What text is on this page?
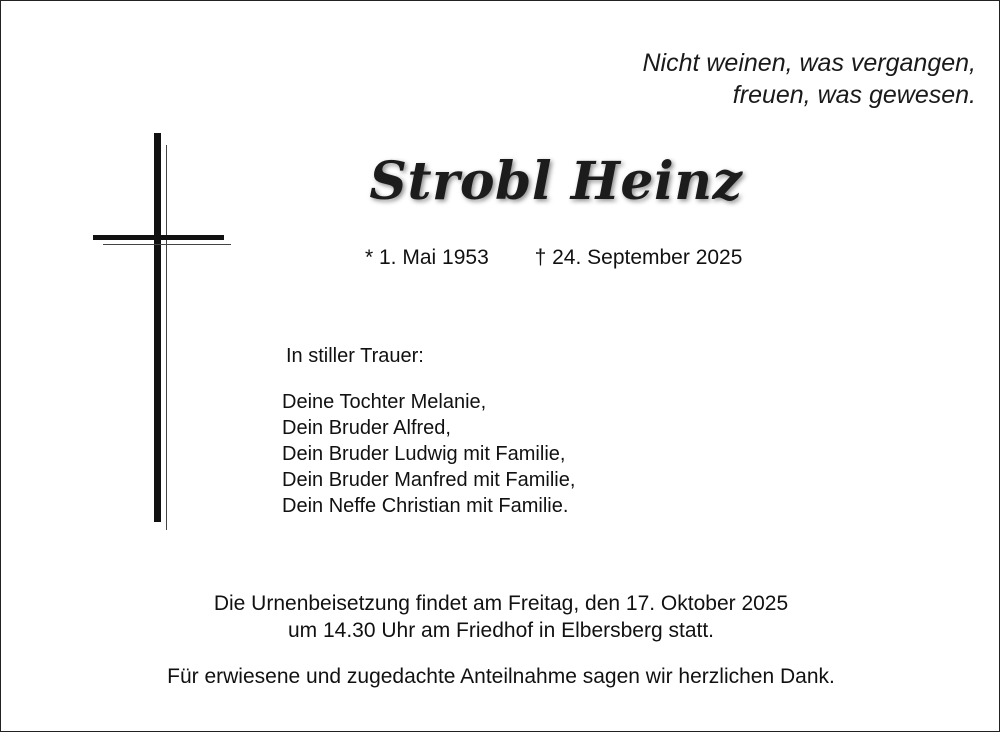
Nicht weinen, was vergangen,
freuen, was gewesen.
Strobl Heinz
* 1. Mai 1953 † 24. September 2025
In stiller Trauer:
Deine Tochter Melanie,
Dein Bruder Alfred,
Dein Bruder Ludwig mit Familie,
Dein Bruder Manfred mit Familie,
Dein Neffe Christian mit Familie.
Die Urnenbeisetzung findet am Freitag, den 17. Oktober 2025
um 14.30 Uhr am Friedhof in Elbersberg statt.
Für erwiesene und zugedachte Anteilnahme sagen wir herzlichen Dank.
